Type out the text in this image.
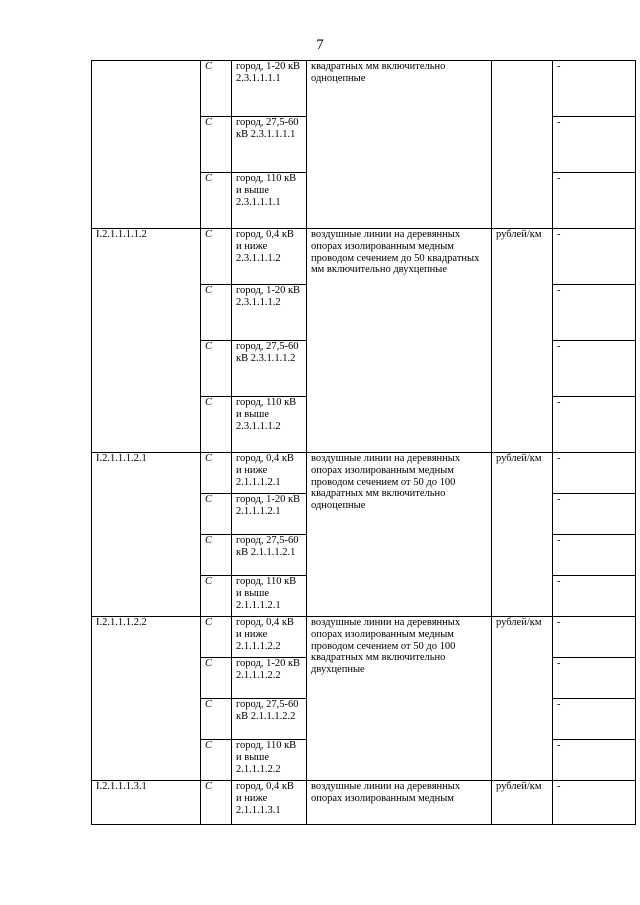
7
	С	город, 1-20 кВ 2.3.1.1.1.1	квадратных мм включительно одноцепные		-
	С	город, 27,5-60 кВ 2.3.1.1.1.1			-
	С	город, 110 кВ и выше 2.3.1.1.1.1			-
I.2.1.1.1.1.2	С	город, 0,4 кВ и ниже 2.3.1.1.1.2	воздушные линии на деревянных опорах изолированным медным проводом сечением до 50 квадратных мм включительно двухцепные	рублей/км	-
	С	город, 1-20 кВ 2.3.1.1.1.2			-
	С	город, 27,5-60 кВ 2.3.1.1.1.2			-
	С	город, 110 кВ и выше 2.3.1.1.1.2			-
I.2.1.1.1.2.1	С	город, 0,4 кВ и ниже 2.1.1.1.2.1	воздушные линии на деревянных опорах изолированным медным проводом сечением от 50 до 100 квадратных мм включительно одноцепные	рублей/км	-
	С	город, 1-20 кВ 2.1.1.1.2.1			-
	С	город, 27,5-60 кВ 2.1.1.1.2.1			-
	С	город, 110 кВ и выше 2.1.1.1.2.1			-
I.2.1.1.1.2.2	С	город, 0,4 кВ и ниже 2.1.1.1.2.2	воздушные линии на деревянных опорах изолированным медным проводом сечением от 50 до 100 квадратных мм включительно двухцепные	рублей/км	-
	С	город, 1-20 кВ 2.1.1.1.2.2			-
	С	город, 27,5-60 кВ 2.1.1.1.2.2			-
	С	город, 110 кВ и выше 2.1.1.1.2.2			-
I.2.1.1.1.3.1	С	город, 0,4 кВ и ниже 2.1.1.1.3.1	воздушные линии на деревянных опорах изолированным медным	рублей/км	-
